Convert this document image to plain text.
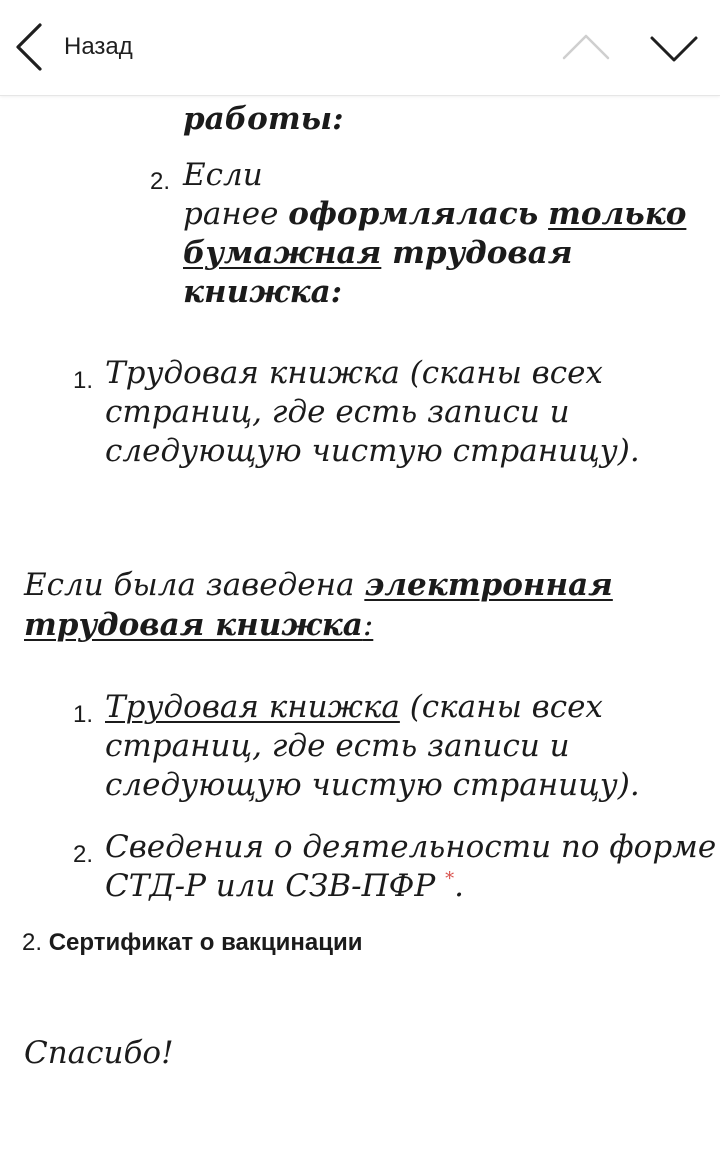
работы:
2. Если
ранее оформлялась только
бумажная трудовая
книжка:
1. Трудовая книжка (сканы всех
страниц, где есть записи и
следующую чистую страницу).
Если была заведена электронная
трудовая книжка:
1. Трудовая книжка (сканы всех
страниц, где есть записи и
следующую чистую страницу).
2. Сведения о деятельности по форме
СТД-Р или СЗВ-ПФР *.
2. Сертификат о вакцинации
Спасибо!
Назад
